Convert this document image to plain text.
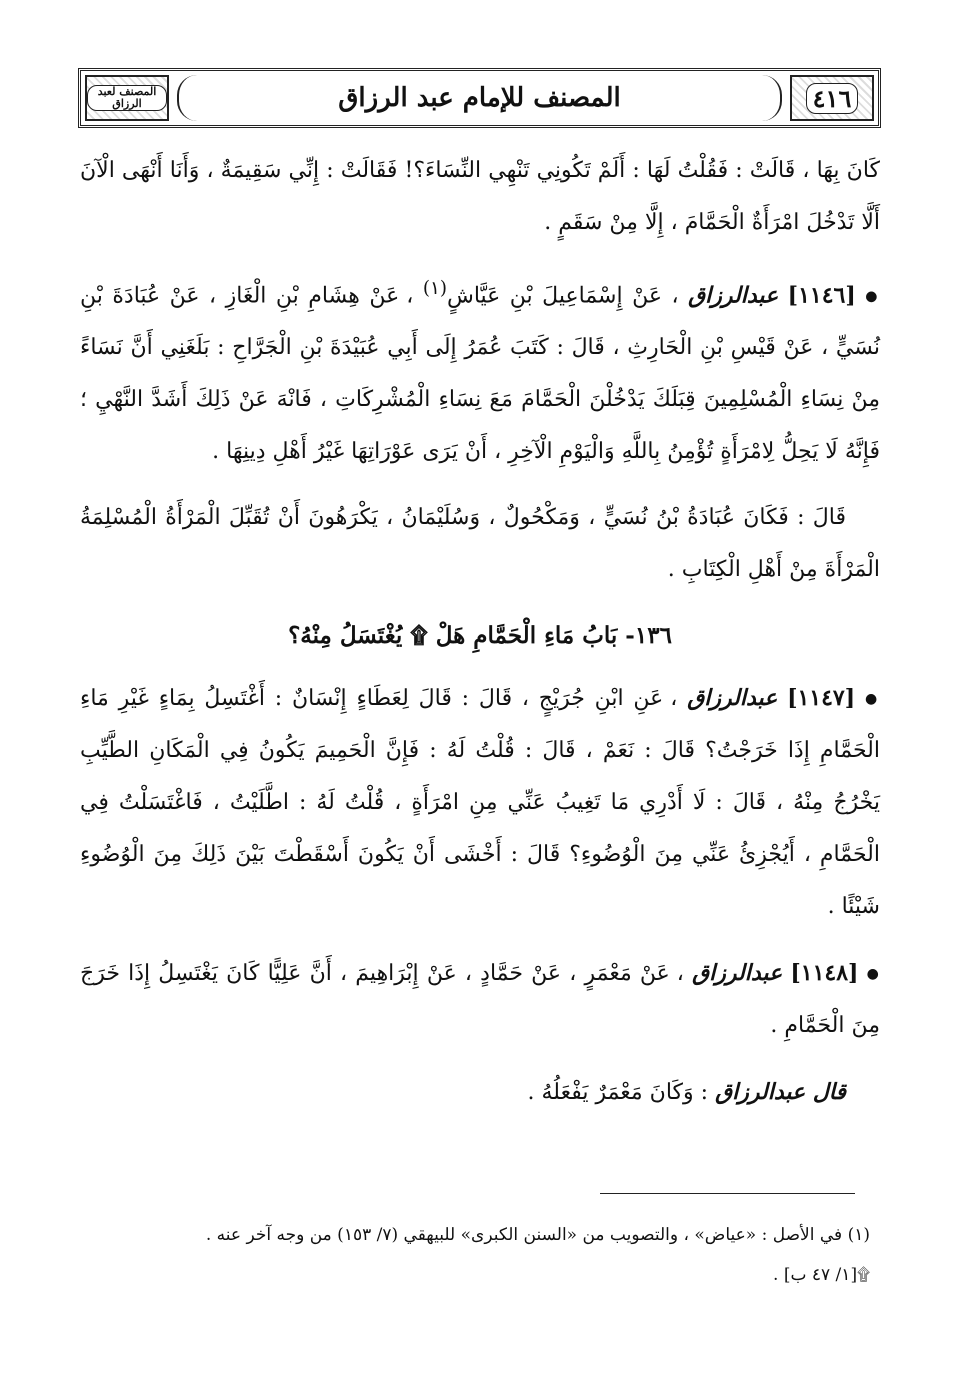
المصنف لعبد الرزاق	المصنف للإمام عبد الرزاق	٤١٦

كَانَ بِهَا ، قَالَتْ : فَقُلْتُ لَهَا : أَلَمْ تَكُونِي تَنْهِي النِّسَاءَ؟! فَقَالَتْ : إِنِّي سَقِيمَةٌ ، وَأَنَا أَنْهَى الْآنَ أَلَّا تَدْخُلَ امْرَأَةٌ الْحَمَّامَ ، إِلَّا مِنْ سَقَمٍ .

● [١١٤٦] عبدالرزاق ، عَنْ إِسْمَاعِيلَ بْنِ عَيَّاشٍ$^{(١)}$ ، عَنْ هِشَامِ بْنِ الْغَازِ ، عَنْ عُبَادَةَ بْنِ نُسَيٍّ ، عَنْ قَيْسِ بْنِ الْحَارِثِ ، قَالَ : كَتَبَ عُمَرُ إِلَى أَبِي عُبَيْدَةَ بْنِ الْجَرَّاحِ : بَلَغَنِي أَنَّ نَسَاءً مِنْ نِسَاءِ الْمُسْلِمِينَ قِبَلَكَ يَدْخُلْنَ الْحَمَّامَ مَعَ نِسَاءِ الْمُشْرِكَاتِ ، فَانْهَ عَنْ ذَلِكَ أَشَدَّ النَّهْيِ ؛ فَإِنَّهُ لَا يَحِلُّ لِامْرَأَةٍ تُؤْمِنُ بِاللَّهِ وَالْيَوْمِ الْآخِرِ ، أَنْ يَرَى عَوْرَاتِهَا غَيْرُ أَهْلِ دِينِهَا .

قَالَ : فَكَانَ عُبَادَةُ بْنُ نُسَيٍّ ، وَمَكْحُولٌ ، وَسُلَيْمَانُ ، يَكْرَهُونَ أَنْ تُقَبِّلَ الْمَرْأَةُ الْمُسْلِمَةُ الْمَرْأَةَ مِنْ أَهْلِ الْكِتَابِ .

١٣٦- بَابُ مَاءِ الْحَمَّامِ هَلْ ۩ يُغْتَسَلُ مِنْهُ؟

● [١١٤٧] عبدالرزاق ، عَنِ ابْنِ جُرَيْجٍ ، قَالَ : قَالَ لِعَطَاءٍ إِنْسَانٌ : أَغْتَسِلُ بِمَاءٍ غَيْرِ مَاءِ الْحَمَّامِ إِذَا خَرَجْتُ؟ قَالَ : نَعَمْ ، قَالَ : قُلْتُ لَهُ : فَإِنَّ الْحَمِيمَ يَكُونُ فِي الْمَكَانِ الطَّيِّبِ يَخْرُجُ مِنْهُ ، قَالَ : لَا أَدْرِي مَا تَغِيبُ عَنِّي مِنِ امْرَأَةٍ ، قُلْتُ لَهُ : اطَّلَيْتُ ، فَاغْتَسَلْتُ فِي الْحَمَّامِ ، أَيُجْزِئُ عَنِّي مِنَ الْوُضُوءِ؟ قَالَ : أَخْشَى أَنْ يَكُونَ أَسْقَطْتَ بَيْنَ ذَلِكَ مِنَ الْوُضُوءِ شَيْئًا .

● [١١٤٨] عبدالرزاق ، عَنْ مَعْمَرٍ ، عَنْ حَمَّادٍ ، عَنْ إِبْرَاهِيمَ ، أَنَّ عَلِيًّا كَانَ يَغْتَسِلُ إِذَا خَرَجَ مِنَ الْحَمَّامِ .

قال عبدالرزاق : وَكَانَ مَعْمَرٌ يَفْعَلُهُ .

(١) في الأصل : «عياض» ، والتصويب من «السنن الكبرى» للبيهقي (٧/ ١٥٣) من وجه آخر عنه .
۩[١/ ٤٧ ب] .
